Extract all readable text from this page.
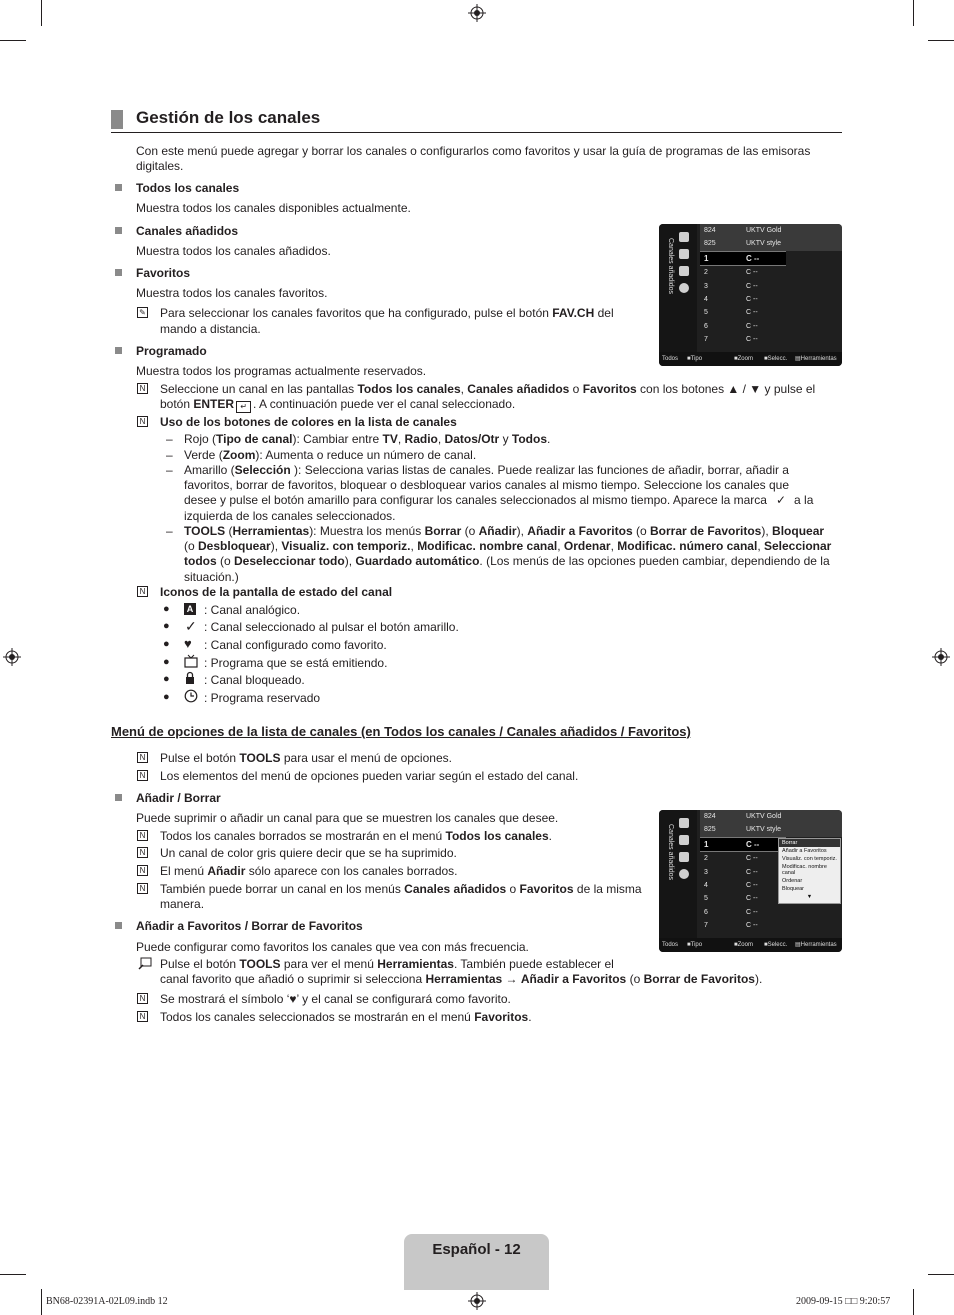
Gestión de los canales
Con este menú puede agregar y borrar los canales o configurarlos como favoritos y usar la guía de programas de las emisoras digitales.
Todos los canales
Muestra todos los canales disponibles actualmente.
Canales añadidos
Muestra todos los canales añadidos.
Favoritos
Muestra todos los canales favoritos.
✎ Para seleccionar los canales favoritos que ha configurado, pulse el botón FAV.CH del
mando a distancia.
Programado
Muestra todos los programas actualmente reservados.
N Seleccione un canal en las pantallas Todos los canales, Canales añadidos o Favoritos con los botones ▲ / ▼ y pulse el
botón ENTER ↵ . A continuación puede ver el canal seleccionado.
N Uso de los botones de colores en la lista de canales
– Rojo (Tipo de canal): Cambiar entre TV, Radio, Datos/Otr y Todos.
– Verde (Zoom): Aumenta o reduce un número de canal.
– Amarillo (Selección ): Selecciona varias listas de canales. Puede realizar las funciones de añadir, borrar, añadir a
favoritos, borrar de favoritos, bloquear o desbloquear varios canales al mismo tiempo. Seleccione los canales que
desee y pulse el botón amarillo para configurar los canales seleccionados al mismo tiempo. Aparece la marca ✓ a la
izquierda de los canales seleccionados.
– TOOLS (Herramientas): Muestra los menús Borrar (o Añadir), Añadir a Favoritos (o Borrar de Favoritos), Bloquear
(o Desbloquear), Visualiz. con temporiz., Modificac. nombre canal, Ordenar, Modificac. número canal, Seleccionar
todos (o Deseleccionar todo), Guardado automático. (Los menús de las opciones pueden cambiar, dependiendo de la
situación.)
N Iconos de la pantalla de estado del canal
●	A : Canal analógico.
● ✓ : Canal seleccionado al pulsar el botón amarillo.
● ♥ : Canal configurado como favorito.
●	: Programa que se está emitiendo.
●	: Canal bloqueado.
●	: Programa reservado
Menú de opciones de la lista de canales (en Todos los canales / Canales añadidos / Favoritos)
N Pulse el botón TOOLS para usar el menú de opciones.
N Los elementos del menú de opciones pueden variar según el estado del canal.
Añadir / Borrar
Puede suprimir o añadir un canal para que se muestren los canales que desee.
N Todos los canales borrados se mostrarán en el menú Todos los canales.
N Un canal de color gris quiere decir que se ha suprimido.
N El menú Añadir sólo aparece con los canales borrados.
N También puede borrar un canal en los menús Canales añadidos o Favoritos de la misma
manera.
Añadir a Favoritos / Borrar de Favoritos
Puede configurar como favoritos los canales que vea con más frecuencia.
Pulse el botón TOOLS para ver el menú Herramientas. También puede establecer el
canal favorito que añadió o suprimir si selecciona Herramientas → Añadir a Favoritos (o Borrar de Favoritos).
N Se mostrará el símbolo ‘♥’ y el canal se configurará como favorito.
N Todos los canales seleccionados se mostrarán en el menú Favoritos.
Canales añadidos
824	UKTV Gold
825	UKTV style
1	C --
2	C --
3	C --
4	C --
5	C --
6	C --
7	C --
Todos ■ Tipo	■ Zoom ■ Selecc. ▤ Herramientas
Canales añadidos
824	UKTV Gold
825	UKTV style
1	C --
2	C --
3	C --
4	C --
5	C --
6	C --
7	C --
Borrar
Añadir a Favoritos
Visualiz. con temporiz.
Modificac. nombre canal
Ordenar
Bloquear
▼
Todos ■ Tipo	■ Zoom ■ Selecc. ▤ Herramientas
Español - 12
BN68-02391A-02L09.indb 12	2009-09-15 □□ 9:20:57
